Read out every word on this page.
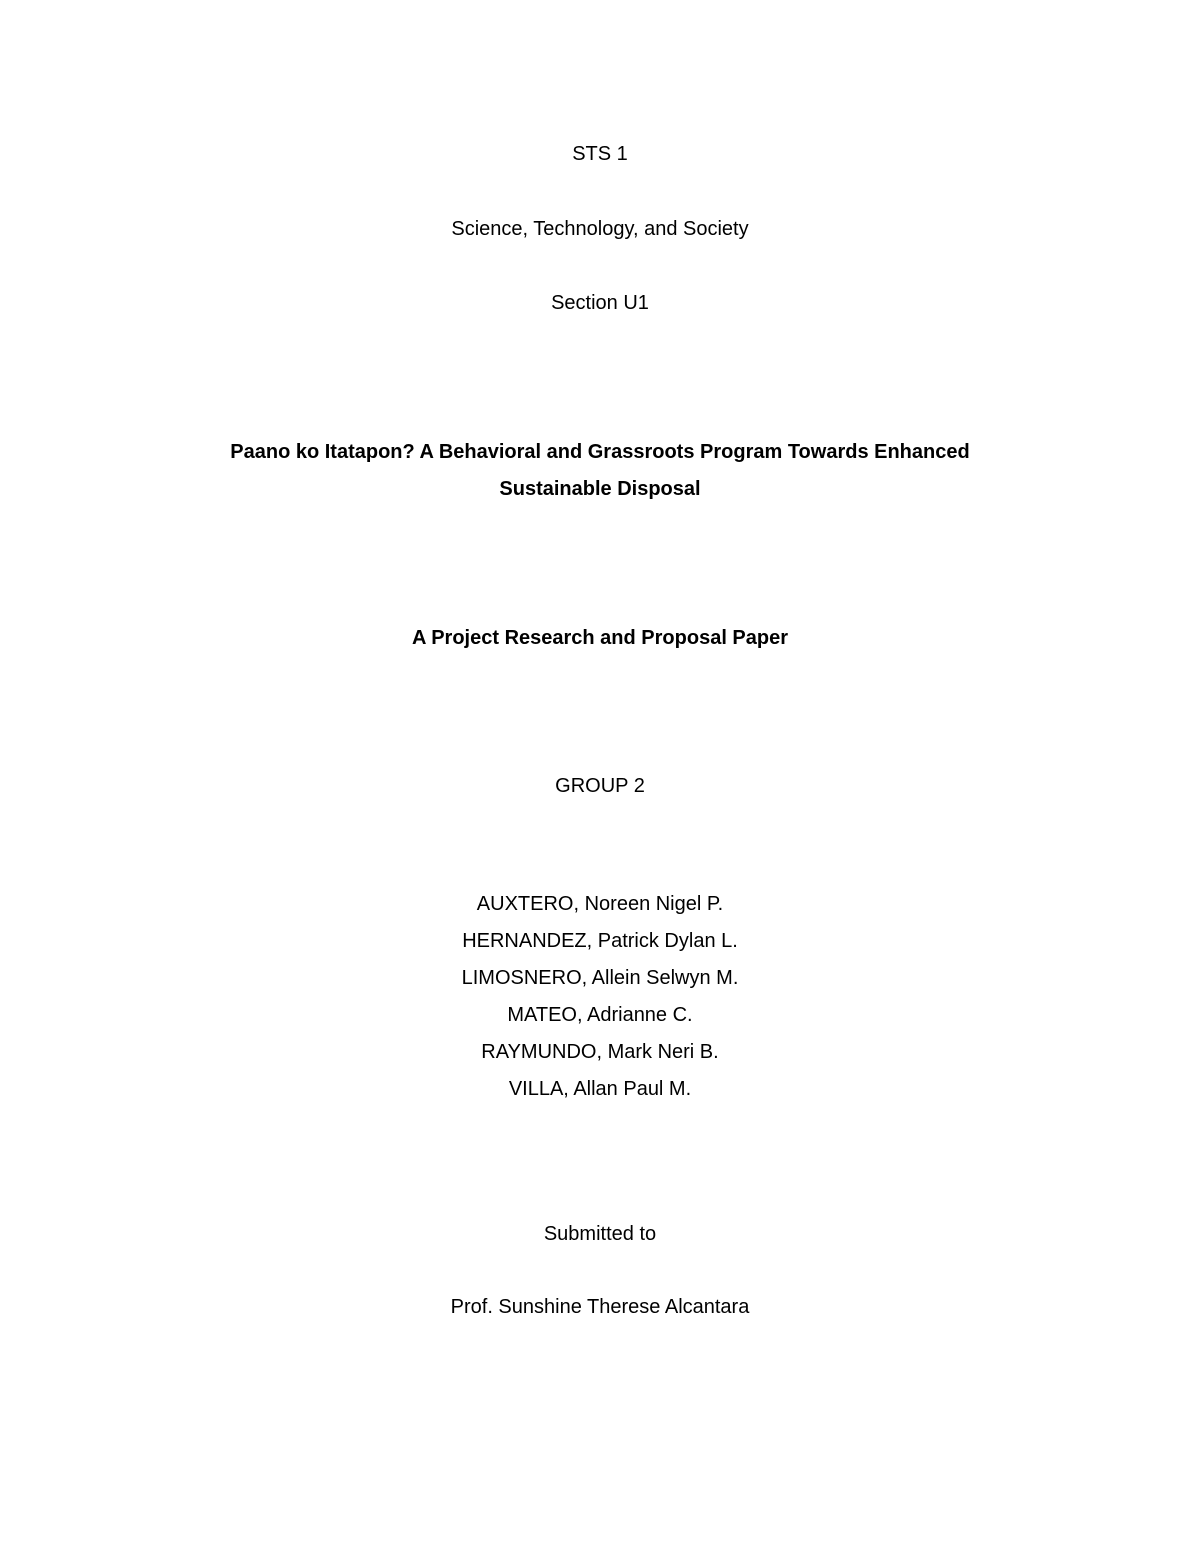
STS 1
Science, Technology, and Society
Section U1
Paano ko Itatapon? A Behavioral and Grassroots Program Towards Enhanced
Sustainable Disposal
A Project Research and Proposal Paper
GROUP 2
AUXTERO, Noreen Nigel P.
HERNANDEZ, Patrick Dylan L.
LIMOSNERO, Allein Selwyn M.
MATEO, Adrianne C.
RAYMUNDO, Mark Neri B.
VILLA, Allan Paul M.
Submitted to
Prof. Sunshine Therese Alcantara
